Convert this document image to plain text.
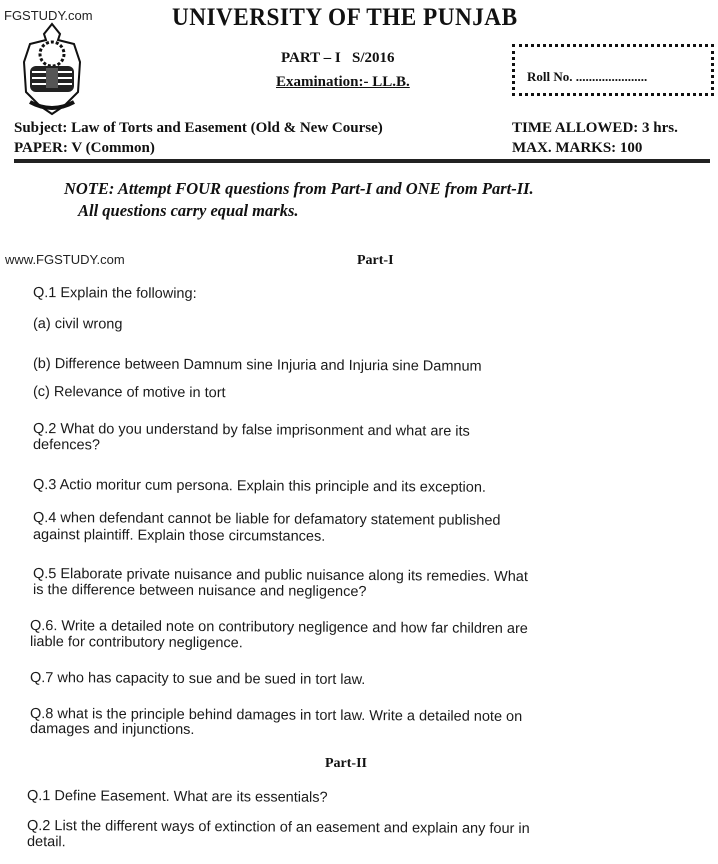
FGSTUDY.com	UNIVERSITY OF THE PUNJAB
PART – I S/2016
Examination:- LL.B.	Roll No. ......................
Subject: Law of Torts and Easement (Old & New Course)
PAPER: V (Common)
TIME ALLOWED: 3 hrs.
MAX. MARKS: 100
NOTE: Attempt FOUR questions from Part-I and ONE from Part-II.
All questions carry equal marks.
www.FGSTUDY.com	Part-I
Q.1 Explain the following:
(a) civil wrong
(b) Difference between Damnum sine Injuria and Injuria sine Damnum
(c) Relevance of motive in tort
Q.2 What do you understand by false imprisonment and what are its
defences?
Q.3 Actio moritur cum persona. Explain this principle and its exception.
Q.4 when defendant cannot be liable for defamatory statement published
against plaintiff. Explain those circumstances.
Q.5 Elaborate private nuisance and public nuisance along its remedies. What
is the difference between nuisance and negligence?
Q.6. Write a detailed note on contributory negligence and how far children are
liable for contributory negligence.
Q.7 who has capacity to sue and be sued in tort law.
Q.8 what is the principle behind damages in tort law. Write a detailed note on
damages and injunctions.
Part-II
Q.1 Define Easement. What are its essentials?
Q.2 List the different ways of extinction of an easement and explain any four in
detail.
